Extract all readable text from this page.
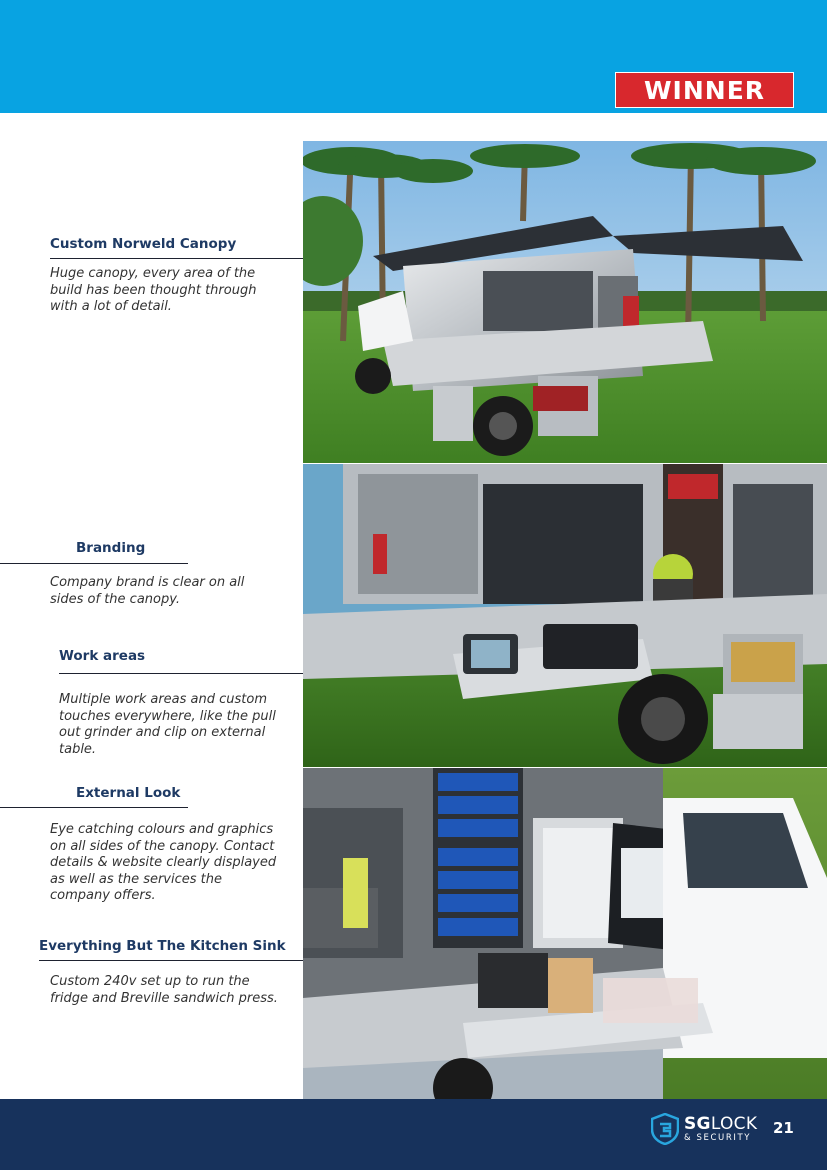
WINNER
Custom Norweld Canopy
Huge canopy, every area of the build has been thought through with a lot of detail.
Branding
Company brand is clear on all sides of the canopy.
Work areas
Multiple work areas and custom touches everywhere, like the pull out grinder and clip on external table.
External Look
Eye catching colours and graphics on all sides of the canopy. Contact details & website clearly displayed as well as the services the company offers.
Everything But The Kitchen Sink
Custom 240v set up to run the fridge and Breville sandwich press.
SGLOCK
& SECURITY
21
